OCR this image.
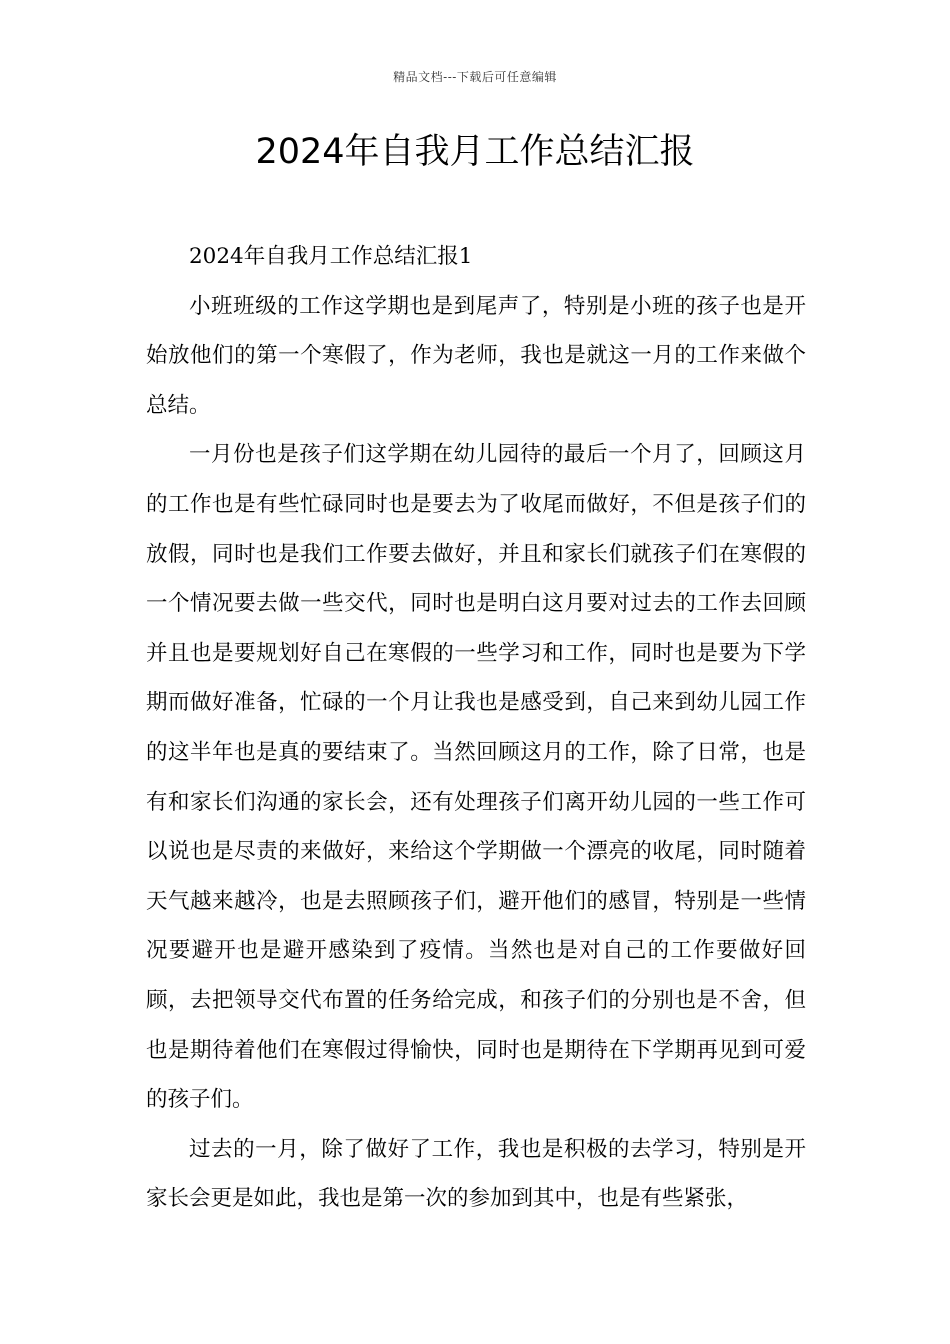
精品文档---下载后可任意编辑
2024年自我月工作总结汇报

2024年自我月工作总结汇报1

小班班级的工作这学期也是到尾声了，特别是小班的孩子也是开始放他们的第一个寒假了，作为老师，我也是就这一月的工作来做个总结。

一月份也是孩子们这学期在幼儿园待的最后一个月了，回顾这月的工作也是有些忙碌同时也是要去为了收尾而做好，不但是孩子们的放假，同时也是我们工作要去做好，并且和家长们就孩子们在寒假的一个情况要去做一些交代，同时也是明白这月要对过去的工作去回顾并且也是要规划好自己在寒假的一些学习和工作，同时也是要为下学期而做好准备，忙碌的一个月让我也是感受到，自己来到幼儿园工作的这半年也是真的要结束了。当然回顾这月的工作，除了日常，也是有和家长们沟通的家长会，还有处理孩子们离开幼儿园的一些工作可以说也是尽责的来做好，来给这个学期做一个漂亮的收尾，同时随着天气越来越冷，也是去照顾孩子们，避开他们的感冒，特别是一些情况要避开也是避开感染到了疫情。当然也是对自己的工作要做好回顾，去把领导交代布置的任务给完成，和孩子们的分别也是不舍，但也是期待着他们在寒假过得愉快，同时也是期待在下学期再见到可爱的孩子们。

过去的一月，除了做好了工作，我也是积极的去学习，特别是开家长会更是如此，我也是第一次的参加到其中，也是有些紧张，
